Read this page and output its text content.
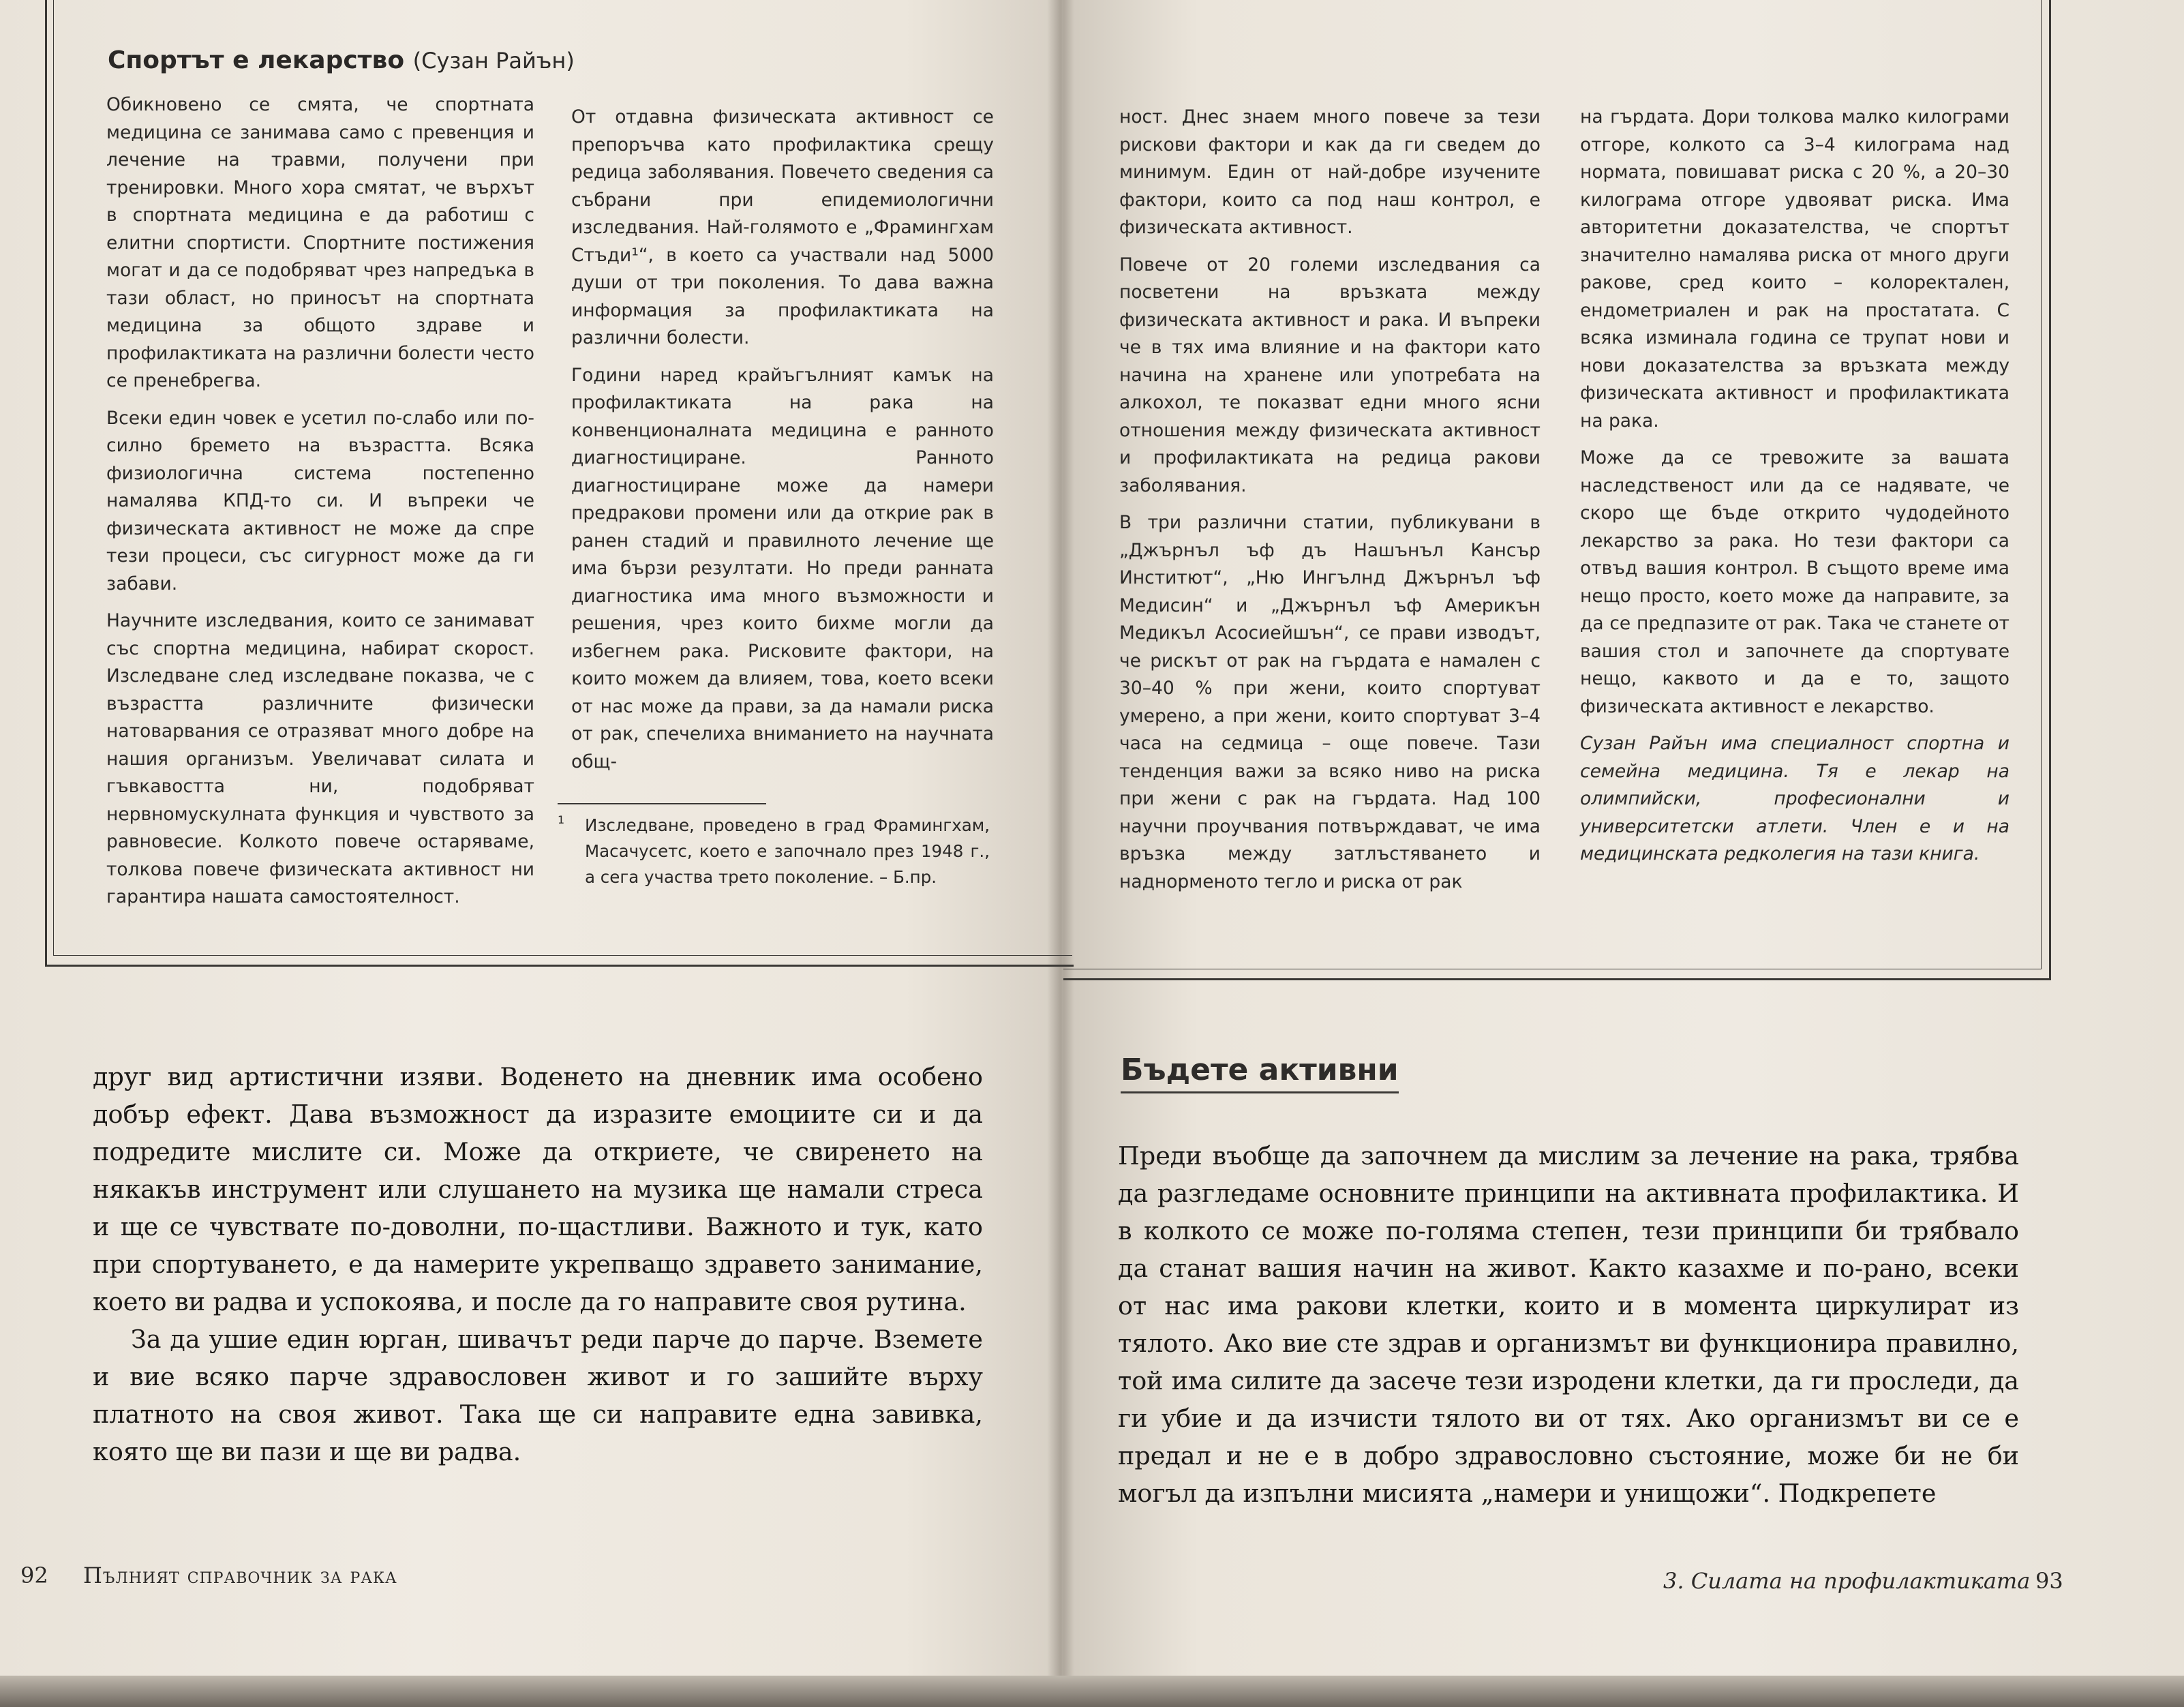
Спортът е лекарство (Сузан Райън)

Обикновено се смята, че спортната медицина се занимава само с превенция и лечение на травми, получени при тренировки. Много хора смятат, че върхът в спортната медицина е да работиш с елитни спортисти. Спортните постижения могат и да се подобряват чрез напредъка в тази област, но приносът на спортната медицина за общото здраве и профилактиката на различни болести често се пренебрегва.

Всеки един човек е усетил по-слабо или по-силно бремето на възрастта. Всяка физиологична система постепенно намалява КПД-то си. И въпреки че физическата активност не може да спре тези процеси, със сигурност може да ги забави.

Научните изследвания, които се занимават със спортна медицина, набират скорост. Изследване след изследване показва, че с възрастта различните физически натоварвания се отразяват много добре на нашия организъм. Увеличават силата и гъвкавостта ни, подобряват нервномускулната функция и чувството за равновесие. Колкото повече остаряваме, толкова повече физическата активност ни гарантира нашата самостоятелност.

От отдавна физическата активност се препоръчва като профилактика срещу редица заболявания. Повечето сведения са събрани при епидемиологични изследвания. Най-голямото е „Фрамингхам Стъди¹“, в което са участвали над 5000 души от три поколения. То дава важна информация за профилактиката на различни болести.

Години наред крайъгълният камък на профилактиката на рака на конвенционалната медицина е ранното диагностициране. Ранното диагностициране може да намери предракови промени или да открие рак в ранен стадий и правилното лечение ще има бързи резултати. Но преди ранната диагностика има много възможности и решения, чрез които бихме могли да избегнем рака. Рисковите фактори, на които можем да влияем, това, което всеки от нас може да прави, за да намали риска от рак, спечелиха вниманието на научната общ-

1 Изследване, проведено в град Фрамингхам, Масачусетс, което е започнало през 1948 г., а сега участва трето поколение. – Б.пр.

ност. Днес знаем много повече за тези рискови фактори и как да ги сведем до минимум. Един от най-добре изучените фактори, които са под наш контрол, е физическата активност.

Повече от 20 големи изследвания са посветени на връзката между физическата активност и рака. И въпреки че в тях има влияние и на фактори като начина на хранене или употребата на алкохол, те показват едни много ясни отношения между физическата активност и профилактиката на редица ракови заболявания.

В три различни статии, публикувани в „Джърнъл ъф дъ Нашънъл Кансър Инститют“, „Ню Ингълнд Джърнъл ъф Медисин“ и „Джърнъл ъф Америкън Медикъл Асосиейшън“, се прави изводът, че рискът от рак на гърдата е намален с 30–40 % при жени, които спортуват умерено, а при жени, които спортуват 3–4 часа на седмица – още повече. Тази тенденция важи за всяко ниво на риска при жени с рак на гърдата. Над 100 научни проучвания потвърждават, че има връзка между затлъстяването и наднорменото тегло и риска от рак

на гърдата. Дори толкова малко килограми отгоре, колкото са 3–4 килограма над нормата, повишават риска с 20 %, а 20–30 килограма отгоре удвояват риска. Има авторитетни доказателства, че спортът значително намалява риска от много други ракове, сред които – колоректален, ендометриален и рак на простатата. С всяка изминала година се трупат нови и нови доказателства за връзката между физическата активност и профилактиката на рака.

Може да се тревожите за вашата наследственост или да се надявате, че скоро ще бъде открито чудодейното лекарство за рака. Но тези фактори са отвъд вашия контрол. В същото време има нещо просто, което може да направите, за да се предпазите от рак. Така че станете от вашия стол и започнете да спортувате нещо, каквото и да е то, защото физическата активност е лекарство.

Сузан Райън има специалност спортна и семейна медицина. Тя е лекар на олимпийски, професионални и университетски атлети. Член е и на медицинската редколегия на тази книга.

друг вид артистични изяви. Воденето на дневник има особено добър ефект. Дава възможност да изразите емоциите си и да подредите мислите си. Може да откриете, че свиренето на някакъв инструмент или слушането на музика ще намали стреса и ще се чувствате по-доволни, по-щастливи. Важното и тук, като при спортуването, е да намерите укрепващо здравето занимание, което ви радва и успокоява, и после да го направите своя рутина.

За да ушие един юрган, шивачът реди парче до парче. Вземете и вие всяко парче здравословен живот и го зашийте върху платното на своя живот. Така ще си направите една завивка, която ще ви пази и ще ви радва.

Бъдете активни

Преди въобще да започнем да мислим за лечение на рака, трябва да разгледаме основните принципи на активната профилактика. И в колкото се може по-голяма степен, тези принципи би трябвало да станат вашия начин на живот. Както казахме и по-рано, всеки от нас има ракови клетки, които и в момента циркулират из тялото. Ако вие сте здрав и организмът ви функционира правилно, той има силите да засече тези изродени клетки, да ги проследи, да ги убие и да изчисти тялото ви от тях. Ако организмът ви се е предал и не е в добро здравословно състояние, може би не би могъл да изпълни мисията „намери и унищожи“. Подкрепете

92 Пълният справочник за рака	3. Силата на профилактиката 93
